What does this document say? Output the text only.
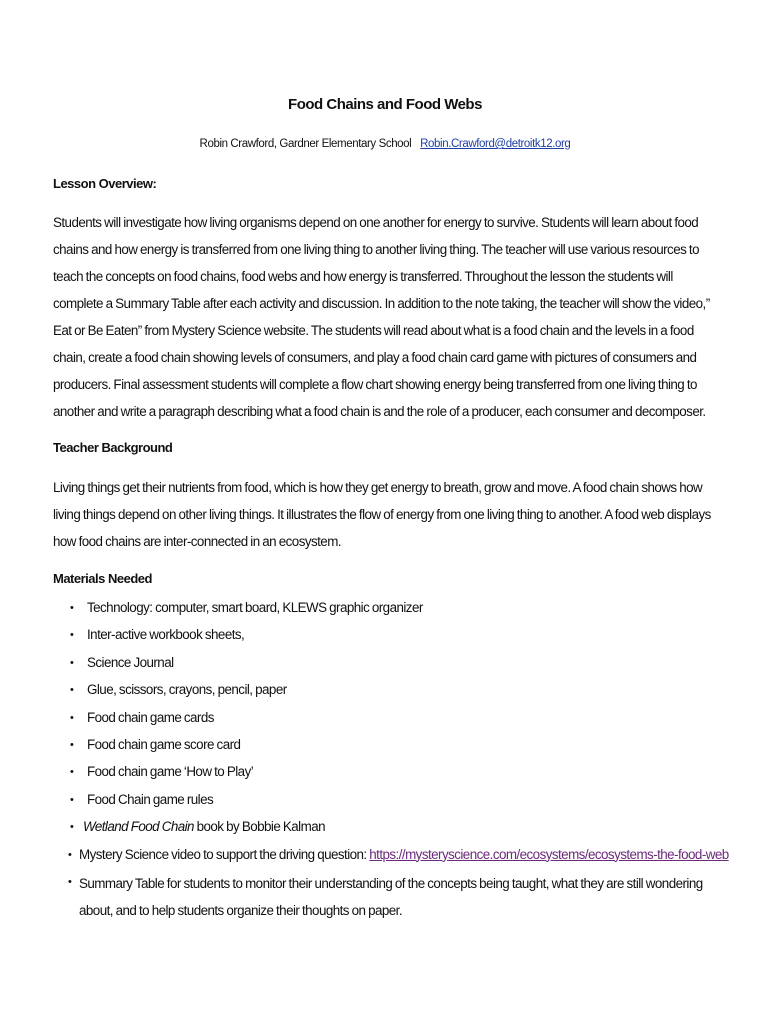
Food Chains and Food Webs
Robin Crawford, Gardner Elementary School Robin.Crawford@detroitk12.org
Lesson Overview:
Students will investigate how living organisms depend on one another for energy to survive. Students will learn about food chains and how energy is transferred from one living thing to another living thing. The teacher will use various resources to teach the concepts on food chains, food webs and how energy is transferred. Throughout the lesson the students will complete a Summary Table after each activity and discussion. In addition to the note taking, the teacher will show the video,” Eat or Be Eaten” from Mystery Science website. The students will read about what is a food chain and the levels in a food chain, create a food chain showing levels of consumers, and play a food chain card game with pictures of consumers and producers. Final assessment students will complete a flow chart showing energy being transferred from one living thing to another and write a paragraph describing what a food chain is and the role of a producer, each consumer and decomposer.
Teacher Background
Living things get their nutrients from food, which is how they get energy to breath, grow and move. A food chain shows how living things depend on other living things. It illustrates the flow of energy from one living thing to another. A food web displays how food chains are inter-connected in an ecosystem.
Materials Needed
• Technology: computer, smart board, KLEWS graphic organizer
• Inter-active workbook sheets,
• Science Journal
• Glue, scissors, crayons, pencil, paper
• Food chain game cards
• Food chain game score card
• Food chain game ‘How to Play’
• Food Chain game rules
• Wetland Food Chain book by Bobbie Kalman
• Mystery Science video to support the driving question: https://mysteryscience.com/ecosystems/ecosystems-the-food-web
• Summary Table for students to monitor their understanding of the concepts being taught, what they are still wondering about, and to help students organize their thoughts on paper.
